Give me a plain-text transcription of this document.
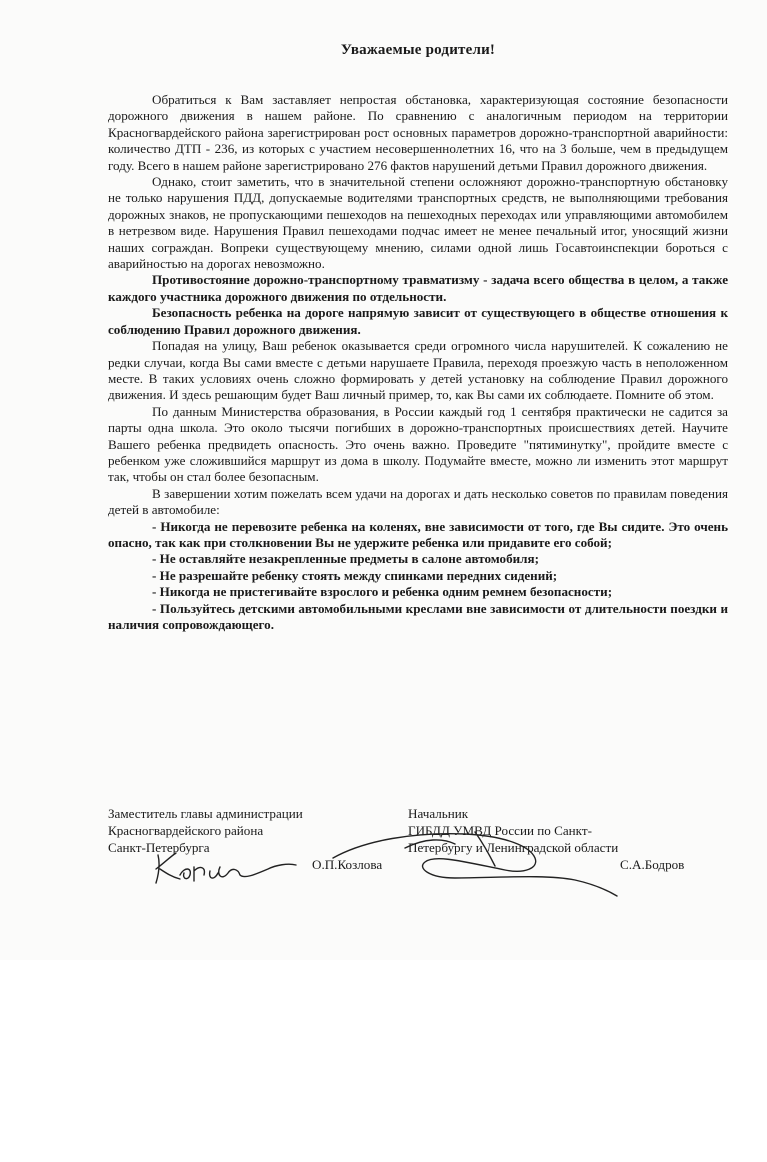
Уважаемые родители!

Обратиться к Вам заставляет непростая обстановка, характеризующая состояние безопасности дорожного движения в нашем районе. По сравнению с аналогичным периодом на территории Красногвардейского района зарегистрирован рост основных параметров дорожно-транспортной аварийности: количество ДТП - 236, из которых с участием несовершеннолетних 16, что на 3 больше, чем в предыдущем году. Всего в нашем районе зарегистрировано 276 фактов нарушений детьми Правил дорожного движения.

Однако, стоит заметить, что в значительной степени осложняют дорожно-транспортную обстановку не только нарушения ПДД, допускаемые водителями транспортных средств, не выполняющими требования дорожных знаков, не пропускающими пешеходов на пешеходных переходах или управляющими автомобилем в нетрезвом виде. Нарушения Правил пешеходами подчас имеет не менее печальный итог, уносящий жизни наших сограждан. Вопреки существующему мнению, силами одной лишь Госавтоинспекции бороться с аварийностью на дорогах невозможно.

Противостояние дорожно-транспортному травматизму - задача всего общества в целом, а также каждого участника дорожного движения по отдельности.

Безопасность ребенка на дороге напрямую зависит от существующего в обществе отношения к соблюдению Правил дорожного движения.

Попадая на улицу, Ваш ребенок оказывается среди огромного числа нарушителей. К сожалению не редки случаи, когда Вы сами вместе с детьми нарушаете Правила, переходя проезжую часть в неположенном месте. В таких условиях очень сложно формировать у детей установку на соблюдение Правил дорожного движения. И здесь решающим будет Ваш личный пример, то, как Вы сами их соблюдаете. Помните об этом.

По данным Министерства образования, в России каждый год 1 сентября практически не садится за парты одна школа. Это около тысячи погибших в дорожно-транспортных происшествиях детей. Научите Вашего ребенка предвидеть опасность. Это очень важно. Проведите "пятиминутку", пройдите вместе с ребенком уже сложившийся маршрут из дома в школу. Подумайте вместе, можно ли изменить этот маршрут так, чтобы он стал более безопасным.

В завершении хотим пожелать всем удачи на дорогах и дать несколько советов по правилам поведения детей в автомобиле:

- Никогда не перевозите ребенка на коленях, вне зависимости от того, где Вы сидите. Это очень опасно, так как при столкновении Вы не удержите ребенка или придавите его собой;

- Не оставляйте незакрепленные предметы в салоне автомобиля;

- Не разрешайте ребенку стоять между спинками передних сидений;

- Никогда не пристегивайте взрослого и ребенка одним ремнем безопасности;

- Пользуйтесь детскими автомобильными креслами вне зависимости от длительности поездки и наличия сопровождающего.

Заместитель главы администрации
Красногвардейского района
Санкт-Петербурга
О.П.Козлова
Начальник
ГИБДД УМВД России по Санкт-
Петербургу и Ленинградской области
С.А.Бодров
